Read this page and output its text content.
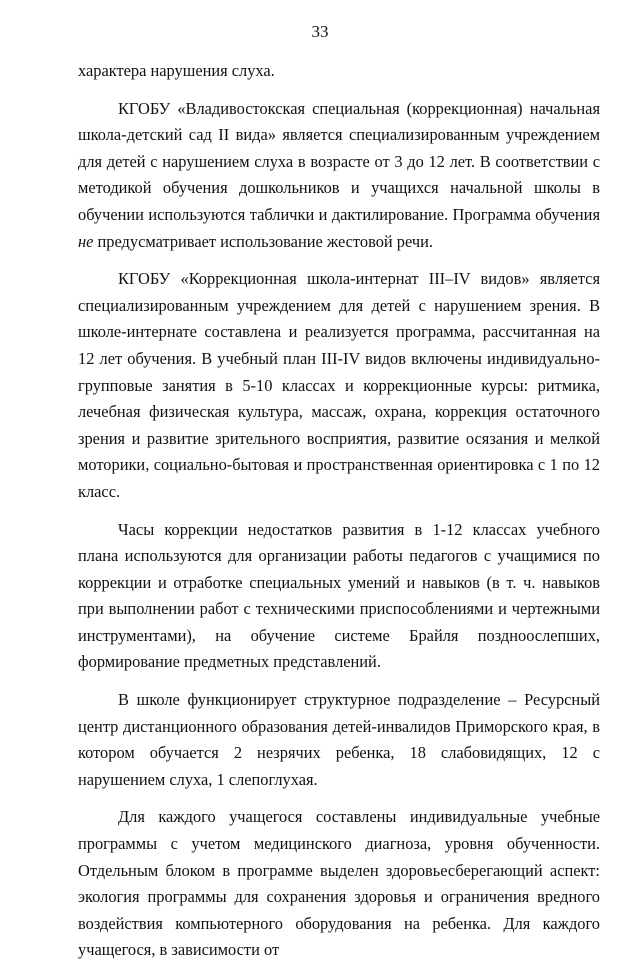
33

характера нарушения слуха.

КГОБУ «Владивостокская специальная (коррекционная) начальная школа-детский сад II вида» является специализированным учреждением для детей с нарушением слуха в возрасте от 3 до 12 лет. В соответствии с методикой обучения дошкольников и учащихся начальной школы в обучении используются таблички и дактилирование. Программа обучения не предусматривает использование жестовой речи.

КГОБУ «Коррекционная школа-интернат III–IV видов» является специализированным учреждением для детей с нарушением зрения. В школе-интернате составлена и реализуется программа, рассчитанная на 12 лет обучения. В учебный план III-IV видов включены индивидуально-групповые занятия в 5-10 классах и коррекционные курсы: ритмика, лечебная физическая культура, массаж, охрана, коррекция остаточного зрения и развитие зрительного восприятия, развитие осязания и мелкой моторики, социально-бытовая и пространственная ориентировка с 1 по 12 класс.

Часы коррекции недостатков развития в 1-12 классах учебного плана используются для организации работы педагогов с учащимися по коррекции и отработке специальных умений и навыков (в т. ч. навыков при выполнении работ с техническими приспособлениями и чертежными инструментами), на обучение системе Брайля поздноослепших, формирование предметных представлений.

В школе функционирует структурное подразделение – Ресурсный центр дистанционного образования детей-инвалидов Приморского края, в котором обучается 2 незрячих ребенка, 18 слабовидящих, 12 с нарушением слуха, 1 слепоглухая.

Для каждого учащегося составлены индивидуальные учебные программы с учетом медицинского диагноза, уровня обученности. Отдельным блоком в программе выделен здоровьесберегающий аспект: экология программы для сохранения здоровья и ограничения вредного воздействия компьютерного оборудования на ребенка. Для каждого учащегося, в зависимости от
